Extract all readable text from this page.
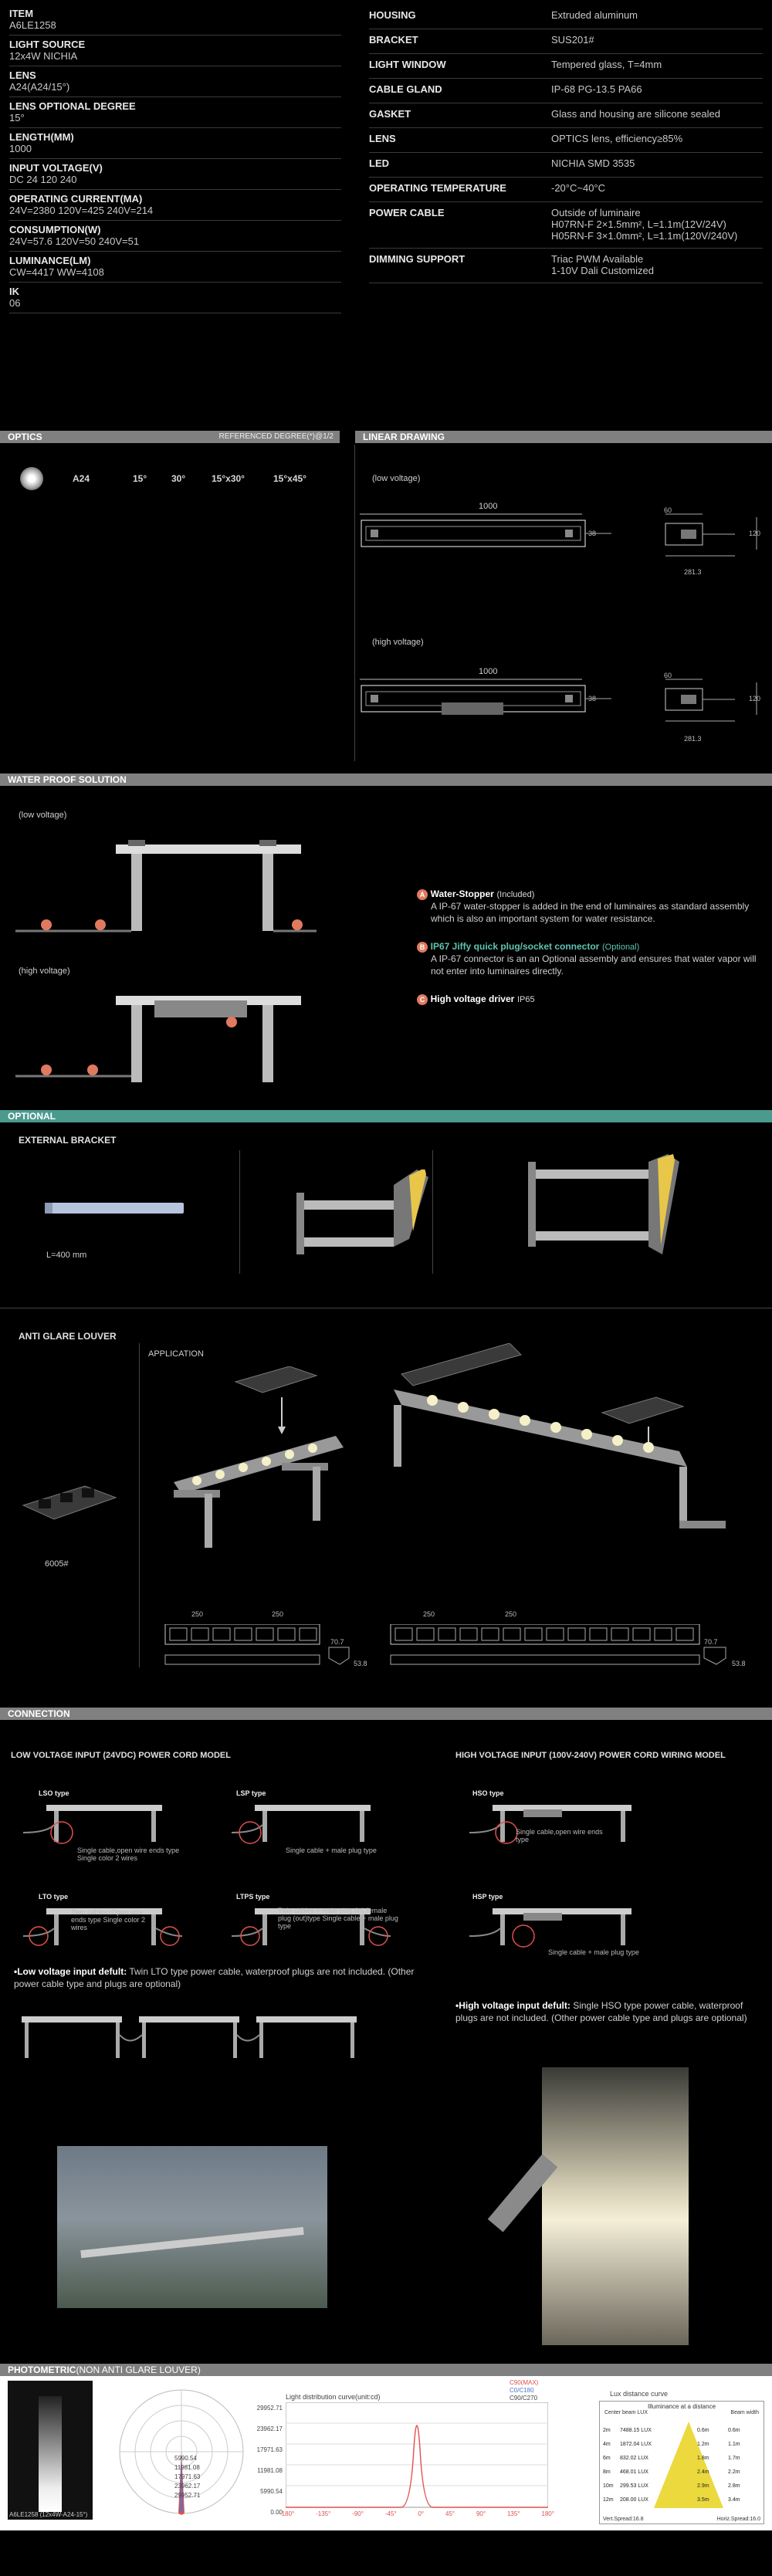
ITEM
A6LE1258
LIGHT SOURCE
12x4W NICHIA
LENS
A24(A24/15°)
LENS OPTIONAL DEGREE
15°
LENGTH(MM)
1000
INPUT VOLTAGE(V)
DC 24 120 240
OPERATING CURRENT(MA)
24V=2380 120V=425 240V=214
CONSUMPTION(W)
24V=57.6 120V=50 240V=51
LUMINANCE(LM)
CW=4417 WW=4108
IK
06
HOUSING	Extruded aluminum
BRACKET	SUS201#
LIGHT WINDOW	Tempered glass, T=4mm
CABLE GLAND	IP-68 PG-13.5 PA66
GASKET	Glass and housing are silicone sealed
LENS	OPTICS lens, efficiency≥85%
LED	NICHIA SMD 3535
OPERATING TEMPERATURE	-20°C~40°C
POWER CABLE	Outside of luminaire
H07RN-F 2×1.5mm², L=1.1m(12V/24V)
H05RN-F 3×1.0mm², L=1.1m(120V/240V)
DIMMING SUPPORT	Triac PWM Available
1-10V Dali Customized
OPTICS	REFERENCED DEGREE(*)@1/2	LINEAR DRAWING
A24	15°	30°	15°x30°	15°x45°	(low voltage)
1000
38
60
120
281.3
(high voltage)
1000
38
60
120
281.3
WATER PROOF SOLUTION
(low voltage)
(high voltage)
A Water-Stopper (Included)
A IP-67 water-stopper is added in the end of luminaires as standard assembly which is also an important system for water resistance.
B IP67 Jiffy quick plug/socket connector (Optional)
A IP-67 connector is an an Optional assembly and ensures that water vapor will not enter into luminaires directly.
C High voltage driver IP65
OPTIONAL
EXTERNAL BRACKET
L=400 mm
ANTI GLARE LOUVER
6005#
APPLICATION
250	250
70.7
53.8
250	250
70.7
53.8
CONNECTION
LOW VOLTAGE INPUT (24VDC) POWER CORD MODEL	HIGH VOLTAGE INPUT (100V-240V) POWER CORD WIRING MODEL
LSO type
Single cable,open wire ends type Single color 2 wires
LSP type
Single cable + male plug type
LTO type
Twin cables+Open wire ends type Single color 2 wires
LTPS type
Twin cables + male plug (in),female plug (out)type Single cable + male plug type
•Low voltage input defult: Twin LTO type power cable, waterproof plugs are not included. (Other power cable type and plugs are optional)
HSO type
Single cable,open wire ends type
HSP type
Single cable + male plug type
•High voltage input defult: Single HSO type power cable, waterproof plugs are not included. (Other power cable type and plugs are optional)
PHOTOMETRIC(NON ANTI GLARE LOUVER)
A6LE1258 (12x4W-A24-15°)
5990.54
11981.08
17971.63
23962.17
29952.71
Light distribution curve(unit:cd)
C90(MAX)
C0/C180
C90/C270
29952.71
23962.17
17971.63
11981.08
5990.54
0.00
-180°	-135°	-90°	-45°	0°	45°	90°	135°	180°
Lux distance curve
Illuminance at a distance
Center beam LUX	Beam width
2m	7488.15 LUX	0.6m	0.6m
4m	1872.04 LUX	1.2m	1.1m
6m	832.02 LUX	1.8m	1.7m
8m	468.01 LUX	2.4m	2.2m
10m	299.53 LUX	2.9m	2.8m
12m	208.00 LUX	3.5m	3.4m
Vert.Spread:16.8	Horiz.Spread:16.0
